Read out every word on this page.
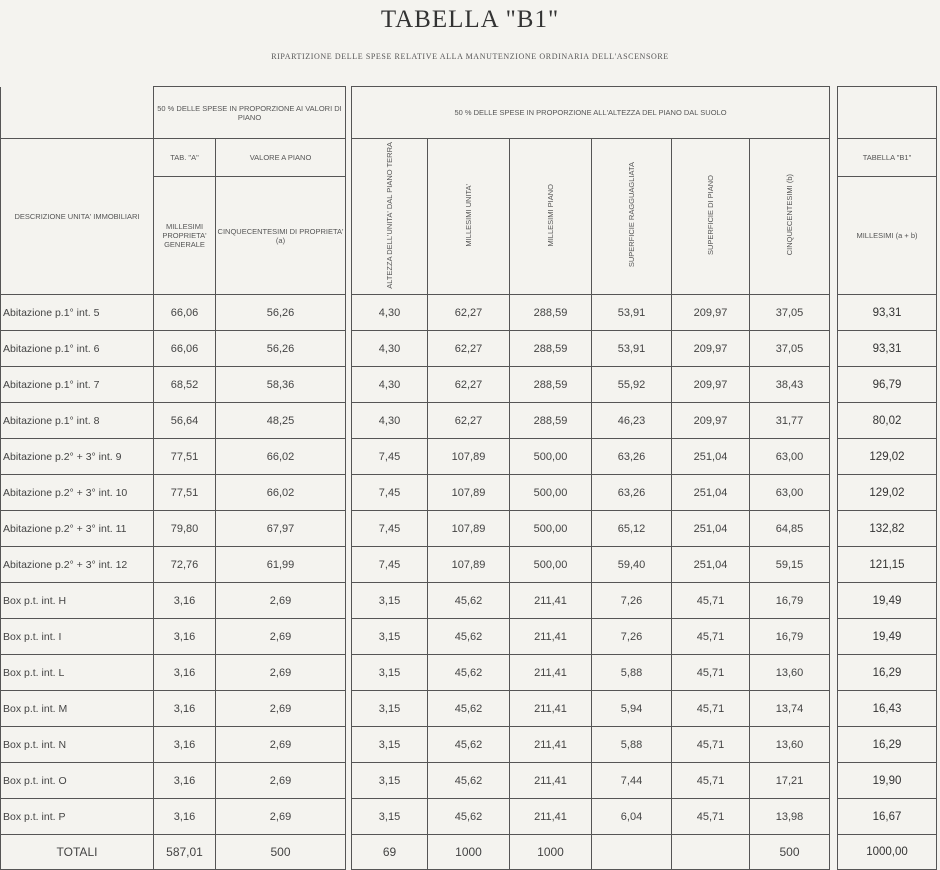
TABELLA "B1"
RIPARTIZIONE DELLE SPESE RELATIVE ALLA MANUTENZIONE ORDINARIA DELL'ASCENSORE
	50 % DELLE SPESE IN PROPORZIONE AI VALORI DI PIANO			50 % DELLE SPESE IN PROPORZIONE ALL'ALTEZZA DEL PIANO DAL SUOLO							
DESCRIZIONE UNITA' IMMOBILIARI	TAB. "A"	VALORE A PIANO		ALTEZZA DELL'UNITA' DAL PIANO TERRA	MILLESIMI UNITA'	MILLESIMI PIANO	SUPERFICIE RAGGUAGLIATA	SUPERFICIE DI PIANO	CINQUECENTESIMI (b)		TABELLA "B1"
	MILLESIMI PROPRIETA' GENERALE	CINQUECENTESIMI DI PROPRIETA' (a)									MILLESIMI (a + b)
Abitazione p.1° int. 5	66,06	56,26		4,30	62,27	288,59	53,91	209,97	37,05		93,31
Abitazione p.1° int. 6	66,06	56,26		4,30	62,27	288,59	53,91	209,97	37,05		93,31
Abitazione p.1° int. 7	68,52	58,36		4,30	62,27	288,59	55,92	209,97	38,43		96,79
Abitazione p.1° int. 8	56,64	48,25		4,30	62,27	288,59	46,23	209,97	31,77		80,02
Abitazione p.2° + 3° int. 9	77,51	66,02		7,45	107,89	500,00	63,26	251,04	63,00		129,02
Abitazione p.2° + 3° int. 10	77,51	66,02		7,45	107,89	500,00	63,26	251,04	63,00		129,02
Abitazione p.2° + 3° int. 11	79,80	67,97		7,45	107,89	500,00	65,12	251,04	64,85		132,82
Abitazione p.2° + 3° int. 12	72,76	61,99		7,45	107,89	500,00	59,40	251,04	59,15		121,15
Box p.t. int. H	3,16	2,69		3,15	45,62	211,41	7,26	45,71	16,79		19,49
Box p.t. int. I	3,16	2,69		3,15	45,62	211,41	7,26	45,71	16,79		19,49
Box p.t. int. L	3,16	2,69		3,15	45,62	211,41	5,88	45,71	13,60		16,29
Box p.t. int. M	3,16	2,69		3,15	45,62	211,41	5,94	45,71	13,74		16,43
Box p.t. int. N	3,16	2,69		3,15	45,62	211,41	5,88	45,71	13,60		16,29
Box p.t. int. O	3,16	2,69		3,15	45,62	211,41	7,44	45,71	17,21		19,90
Box p.t. int. P	3,16	2,69		3,15	45,62	211,41	6,04	45,71	13,98		16,67
TOTALI	587,01	500		69	1000	1000			500		1000,00
